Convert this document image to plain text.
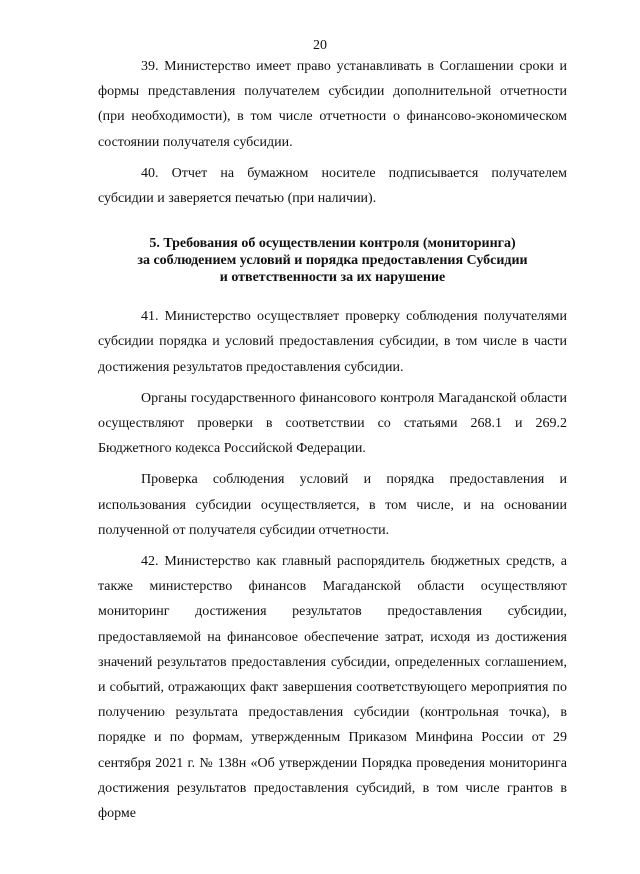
20

39. Министерство имеет право устанавливать в Соглашении сроки и формы представления получателем субсидии дополнительной отчетности (при необходимости), в том числе отчетности о финансово-экономическом состоянии получателя субсидии.

40. Отчет на бумажном носителе подписывается получателем субсидии и заверяется печатью (при наличии).

5. Требования об осуществлении контроля (мониторинга)
за соблюдением условий и порядка предоставления Субсидии
и ответственности за их нарушение

41. Министерство осуществляет проверку соблюдения получателями субсидии порядка и условий предоставления субсидии, в том числе в части достижения результатов предоставления субсидии.

Органы государственного финансового контроля Магаданской области осуществляют проверки в соответствии со статьями 268.1 и 269.2 Бюджетного кодекса Российской Федерации.

Проверка соблюдения условий и порядка предоставления и использования субсидии осуществляется, в том числе, и на основании полученной от получателя субсидии отчетности.

42. Министерство как главный распорядитель бюджетных средств, а также министерство финансов Магаданской области осуществляют мониторинг достижения результатов предоставления субсидии, предоставляемой на финансовое обеспечение затрат, исходя из достижения значений результатов предоставления субсидии, определенных соглашением, и событий, отражающих факт завершения соответствующего мероприятия по получению результата предоставления субсидии (контрольная точка), в порядке и по формам, утвержденным Приказом Минфина России от 29 сентября 2021 г. № 138н «Об утверждении Порядка проведения мониторинга достижения результатов предоставления субсидий, в том числе грантов в форме
